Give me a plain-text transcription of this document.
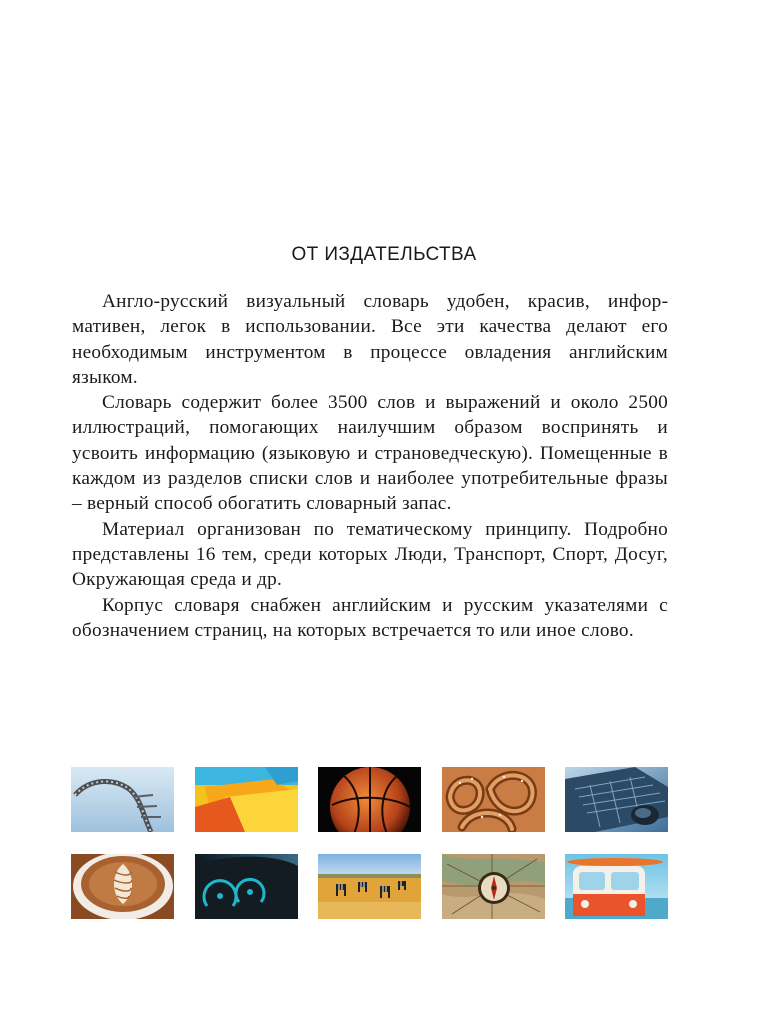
ОТ ИЗДАТЕЛЬСТВА

Англо-русский визуальный словарь удобен, красив, информативен, легок в использовании. Все эти качества делают его необходимым инструментом в процессе овладения английским языком.

Словарь содержит более 3500 слов и выражений и около 2500 иллюстраций, помогающих наилучшим образом воспринять и усвоить информацию (языковую и страноведческую). Помещенные в каждом из разделов списки слов и наиболее употребительные фразы – верный способ обогатить словарный запас.

Материал организован по тематическому принципу. Подробно представлены 16 тем, среди которых Люди, Транспорт, Спорт, Досуг, Окружающая среда и др.

Корпус словаря снабжен английским и русским указателями с обозначением страниц, на которых встречается то или иное слово.
